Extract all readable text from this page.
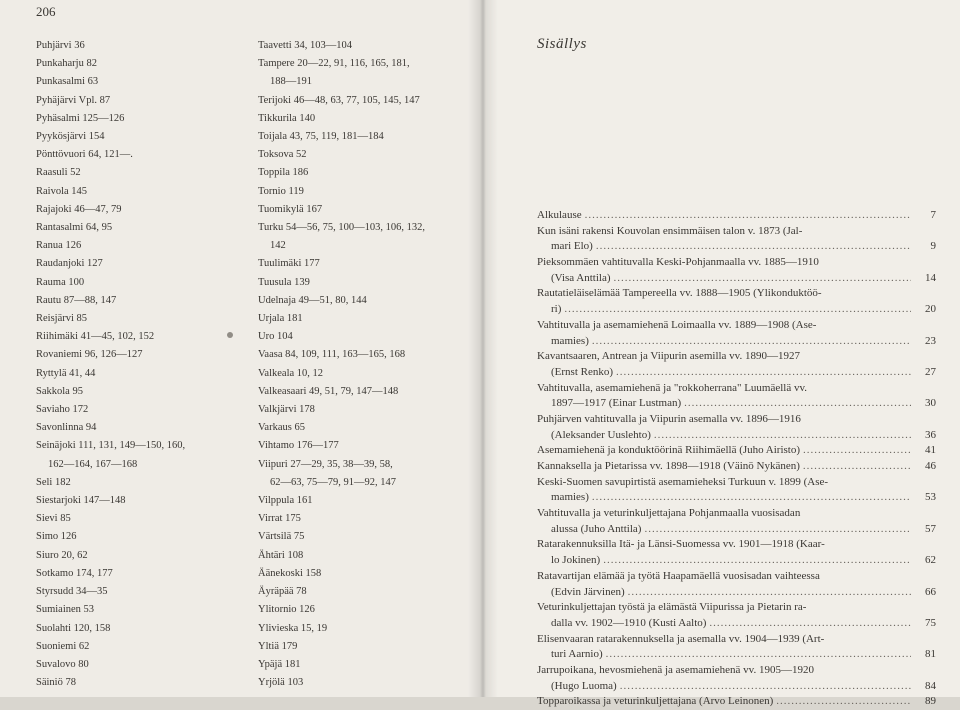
206
Puhjärvi 36
Punkaharju 82
Punkasalmi 63
Pyhäjärvi Vpl. 87
Pyhäsalmi 125—126
Pyykösjärvi 154
Pönttövuori 64, 121—.
Raasuli 52
Raivola 145
Rajajoki 46—47, 79
Rantasalmi 64, 95
Ranua 126
Raudanjoki 127
Rauma 100
Rautu 87—88, 147
Reisjärvi 85
Riihimäki 41—45, 102, 152
Rovaniemi 96, 126—127
Ryttylä 41, 44
Sakkola 95
Saviaho 172
Savonlinna 94
Seinäjoki 111, 131, 149—150, 160,
162—164, 167—168
Seli 182
Siestarjoki 147—148
Sievi 85
Simo 126
Siuro 20, 62
Sotkamo 174, 177
Styrsudd 34—35
Sumiainen 53
Suolahti 120, 158
Suoniemi 62
Suvalovo 80
Säiniö 78
Taavetti 34, 103—104
Tampere 20—22, 91, 116, 165, 181,
188—191
Terijoki 46—48, 63, 77, 105, 145, 147
Tikkurila 140
Toijala 43, 75, 119, 181—184
Toksova 52
Toppila 186
Tornio 119
Tuomikylä 167
Turku 54—56, 75, 100—103, 106, 132,
142
Tuulimäki 177
Tuusula 139
Udelnaja 49—51, 80, 144
Urjala 181
Uro 104
Vaasa 84, 109, 111, 163—165, 168
Valkeala 10, 12
Valkeasaari 49, 51, 79, 147—148
Valkjärvi 178
Varkaus 65
Vihtamo 176—177
Viipuri 27—29, 35, 38—39, 58,
62—63, 75—79, 91—92, 147
Vilppula 161
Virrat 175
Värtsilä 75
Ähtäri 108
Äänekoski 158
Äyräpää 78
Ylitornio 126
Ylivieska 15, 19
Yltiä 179
Ypäjä 181
Yrjölä 103
Sisällys
Alkulause .....	7
Kun isäni rakensi Kouvolan ensimmäisen talon v. 1873 (Jal-
mari Elo) .....	9
Pieksommäen vahtituvalla Keski-Pohjanmaalla vv. 1885—1910
(Visa Anttila) .....	14
Rautatieläiselämää Tampereella vv. 1888—1905 (Ylikonduktöö-
ri) .....	20
Vahtituvalla ja asemamiehenä Loimaalla vv. 1889—1908 (Ase-
mamies) .....	23
Kavantsaaren, Antrean ja Viipurin asemilla vv. 1890—1927
(Ernst Renko) .....	27
Vahtituvalla, asemamiehenä ja "rokkoherrana" Luumäellä vv.
1897—1917 (Einar Lustman) .....	30
Puhjärven vahtituvalla ja Viipurin asemalla vv. 1896—1916
(Aleksander Uuslehto) .....	36
Asemamiehenä ja konduktöörinä Riihimäellä (Juho Airisto) .....	41
Kannaksella ja Pietarissa vv. 1898—1918 (Väinö Nykänen) .....	46
Keski-Suomen savupirtistä asemamieheksi Turkuun v. 1899 (Ase-
mamies) .....	53
Vahtituvalla ja veturinkuljettajana Pohjanmaalla vuosisadan
alussa (Juho Anttila) .....	57
Ratarakennuksilla Itä- ja Länsi-Suomessa vv. 1901—1918 (Kaar-
lo Jokinen) .....	62
Ratavartijan elämää ja työtä Haapamäellä vuosisadan vaihteessa
(Edvin Järvinen) .....	66
Veturinkuljettajan työstä ja elämästä Viipurissa ja Pietarin ra-
dalla vv. 1902—1910 (Kusti Aalto) .....	75
Elisenvaaran ratarakennuksella ja asemalla vv. 1904—1939 (Art-
turi Aarnio) .....	81
Jarrupoikana, hevosmiehenä ja asemamiehenä vv. 1905—1920
(Hugo Luoma) .....	84
Topparoikassa ja veturinkuljettajana (Arvo Leinonen) .....	89
